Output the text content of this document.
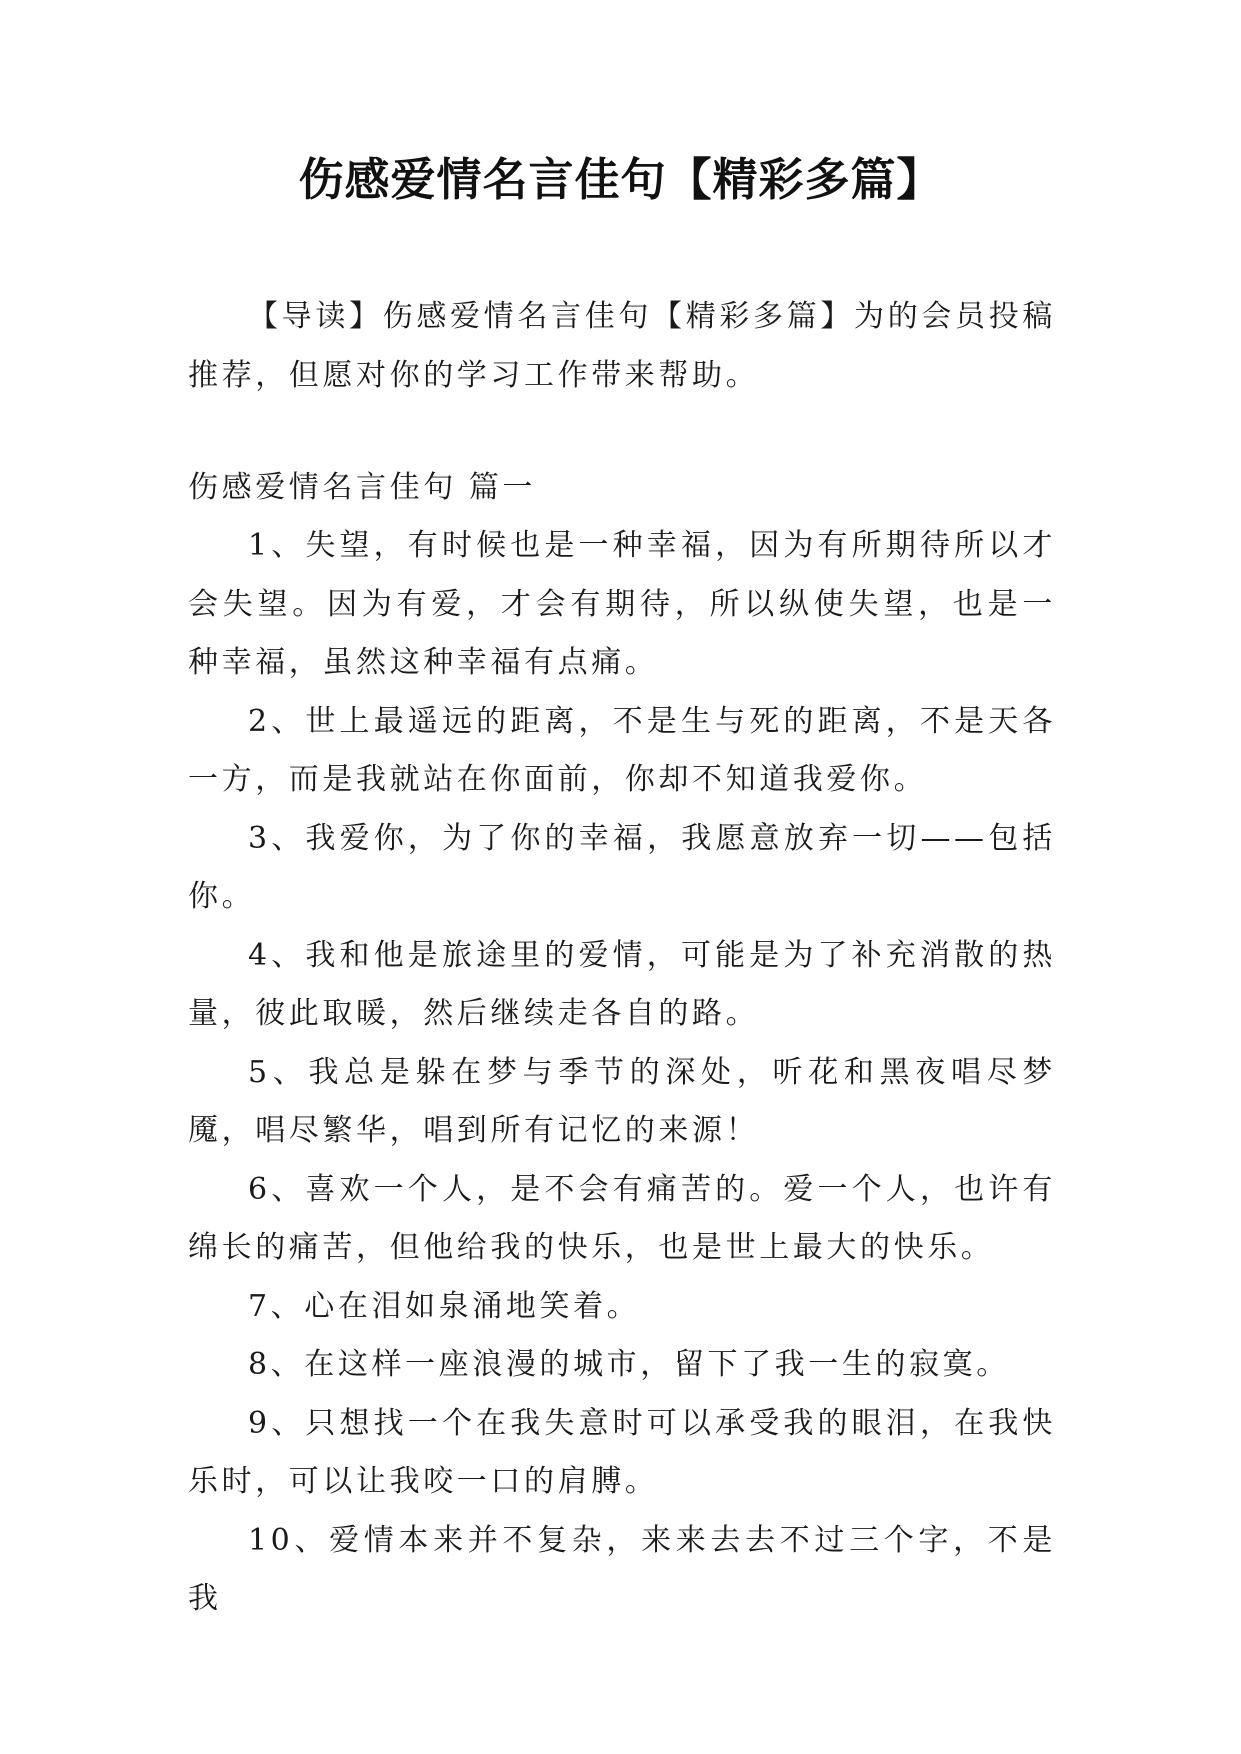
伤感爱情名言佳句【精彩多篇】

【导读】伤感爱情名言佳句【精彩多篇】为的会员投稿推荐，但愿对你的学习工作带来帮助。

伤感爱情名言佳句 篇一

1、失望，有时候也是一种幸福，因为有所期待所以才会失望。因为有爱，才会有期待，所以纵使失望，也是一种幸福，虽然这种幸福有点痛。

2、世上最遥远的距离，不是生与死的距离，不是天各一方，而是我就站在你面前，你却不知道我爱你。

3、我爱你，为了你的幸福，我愿意放弃一切——包括你。

4、我和他是旅途里的爱情，可能是为了补充消散的热量，彼此取暖，然后继续走各自的路。

5、我总是躲在梦与季节的深处，听花和黑夜唱尽梦魇，唱尽繁华，唱到所有记忆的来源！

6、喜欢一个人，是不会有痛苦的。爱一个人，也许有绵长的痛苦，但他给我的快乐，也是世上最大的快乐。

7、心在泪如泉涌地笑着。

8、在这样一座浪漫的城市，留下了我一生的寂寞。

9、只想找一个在我失意时可以承受我的眼泪，在我快乐时，可以让我咬一口的肩膊。

10、爱情本来并不复杂，来来去去不过三个字，不是我
